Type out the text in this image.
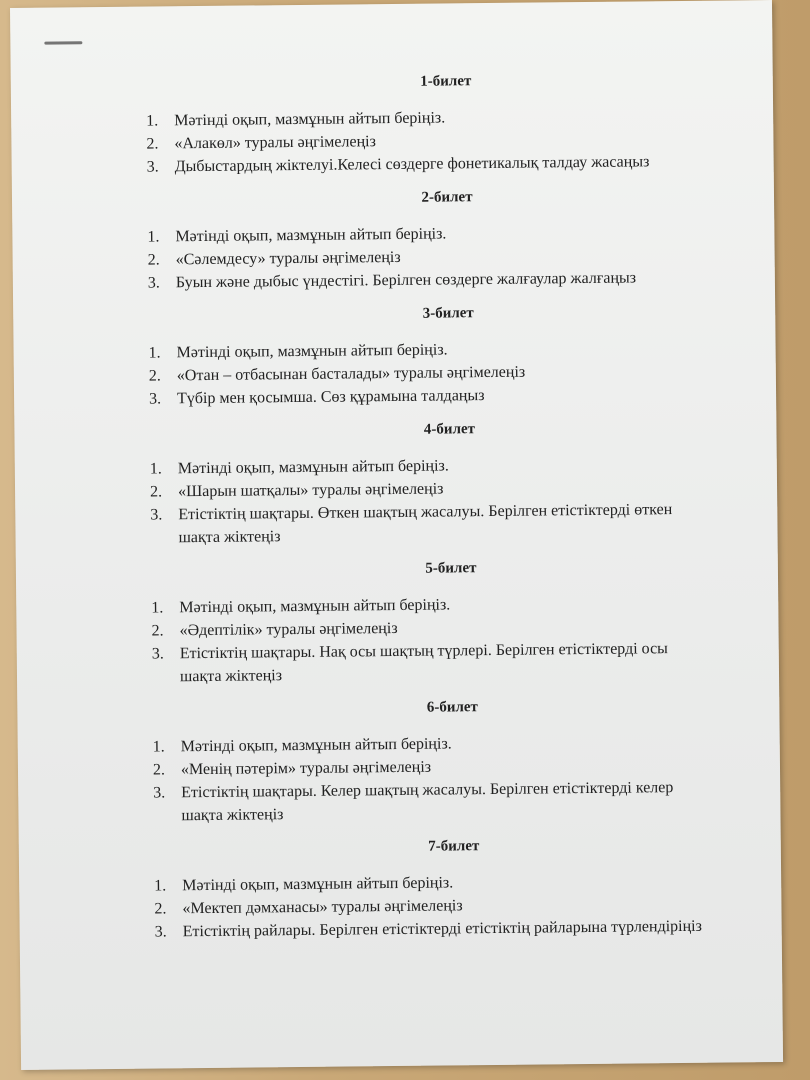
1-билет
1. Мәтінді оқып, мазмұнын айтып беріңіз.
2. «Алакөл» туралы әңгімелеңіз
3. Дыбыстардың жіктелуі.Келесі сөздерге фонетикалық талдау жасаңыз
2-билет
1. Мәтінді оқып, мазмұнын айтып беріңіз.
2. «Сәлемдесу» туралы әңгімелеңіз
3. Буын және дыбыс үндестігі. Берілген сөздерге жалғаулар жалғаңыз
3-билет
1. Мәтінді оқып, мазмұнын айтып беріңіз.
2. «Отан – отбасынан басталады» туралы әңгімелеңіз
3. Түбір мен қосымша. Сөз құрамына талдаңыз
4-билет
1. Мәтінді оқып, мазмұнын айтып беріңіз.
2. «Шарын шатқалы» туралы әңгімелеңіз
3. Етістіктің шақтары. Өткен шақтың жасалуы. Берілген етістіктерді өткен шақта жіктеңіз
5-билет
1. Мәтінді оқып, мазмұнын айтып беріңіз.
2. «Әдептілік» туралы әңгімелеңіз
3. Етістіктің шақтары. Нақ осы шақтың түрлері. Берілген етістіктерді осы шақта жіктеңіз
6-билет
1. Мәтінді оқып, мазмұнын айтып беріңіз.
2. «Менің пәтерім» туралы әңгімелеңіз
3. Етістіктің шақтары. Келер шақтың жасалуы. Берілген етістіктерді келер шақта жіктеңіз
7-билет
1. Мәтінді оқып, мазмұнын айтып беріңіз.
2. «Мектеп дәмханасы» туралы әңгімелеңіз
3. Етістіктің райлары. Берілген етістіктерді етістіктің райларына түрлендіріңіз
